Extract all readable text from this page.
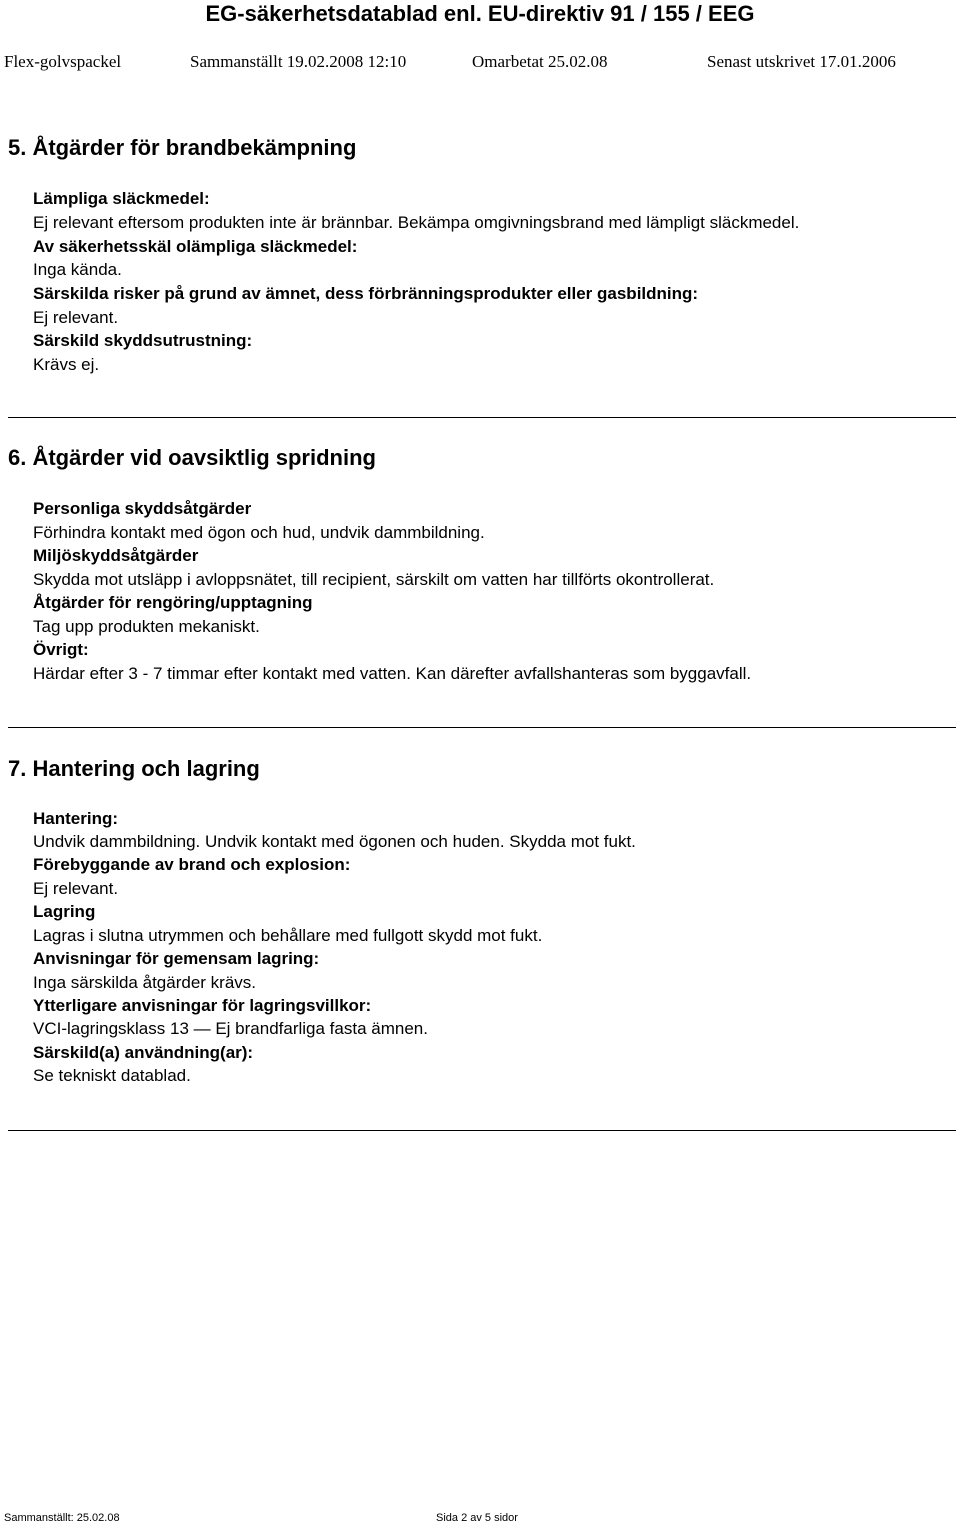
EG-säkerhetsdatablad enl. EU-direktiv 91 / 155 / EEG
Flex-golvspackel	Sammanställt 19.02.2008 12:10	Omarbetat 25.02.08	Senast utskrivet 17.01.2006
5. Åtgärder för brandbekämpning
Lämpliga släckmedel:
Ej relevant eftersom produkten inte är brännbar. Bekämpa omgivningsbrand med lämpligt släckmedel.
Av säkerhetsskäl olämpliga släckmedel:
Inga kända.
Särskilda risker på grund av ämnet, dess förbränningsprodukter eller gasbildning:
Ej relevant.
Särskild skyddsutrustning:
Krävs ej.
6. Åtgärder vid oavsiktlig spridning
Personliga skyddsåtgärder
Förhindra kontakt med ögon och hud, undvik dammbildning.
Miljöskyddsåtgärder
Skydda mot utsläpp i avloppsnätet, till recipient, särskilt om vatten har tillförts okontrollerat.
Åtgärder för rengöring/upptagning
Tag upp produkten mekaniskt.
Övrigt:
Härdar efter 3 - 7 timmar efter kontakt med vatten. Kan därefter avfallshanteras som byggavfall.
7. Hantering och lagring
Hantering:
Undvik dammbildning. Undvik kontakt med ögonen och huden. Skydda mot fukt.
Förebyggande av brand och explosion:
Ej relevant.
Lagring
Lagras i slutna utrymmen och behållare med fullgott skydd mot fukt.
Anvisningar för gemensam lagring:
Inga särskilda åtgärder krävs.
Ytterligare anvisningar för lagringsvillkor:
VCI-lagringsklass 13 — Ej brandfarliga fasta ämnen.
Särskild(a) användning(ar):
Se tekniskt datablad.
Sammanställt: 25.02.08	Sida 2 av 5 sidor
